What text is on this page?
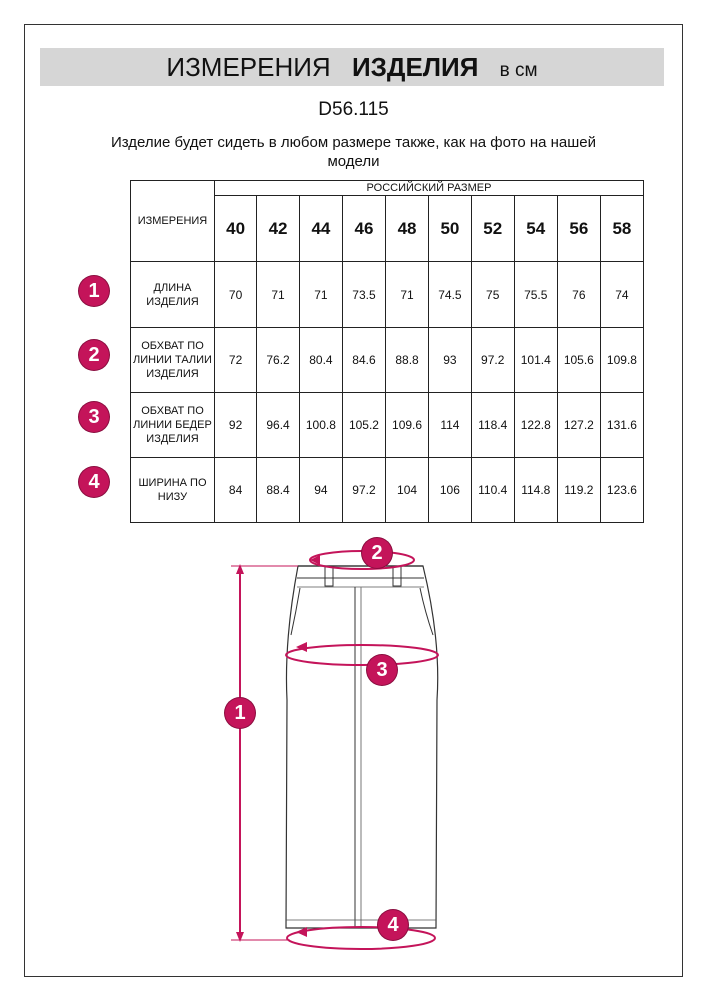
ИЗМЕРЕНИЯ ИЗДЕЛИЯ в см
D56.115
Изделие будет сидеть в любом размере также, как на фото на нашей модели
ИЗМЕРЕНИЯ	РОССИЙСКИЙ РАЗМЕР									
	40	42	44	46	48	50	52	54	56	58
ДЛИНА ИЗДЕЛИЯ	70	71	71	73.5	71	74.5	75	75.5	76	74
ОБХВАТ ПО ЛИНИИ ТАЛИИ ИЗДЕЛИЯ	72	76.2	80.4	84.6	88.8	93	97.2	101.4	105.6	109.8
ОБХВАТ ПО ЛИНИИ БЕДЕР ИЗДЕЛИЯ	92	96.4	100.8	105.2	109.6	114	118.4	122.8	127.2	131.6
ШИРИНА ПО НИЗУ	84	88.4	94	97.2	104	106	110.4	114.8	119.2	123.6
1
2
3
4
1
2
3
4
